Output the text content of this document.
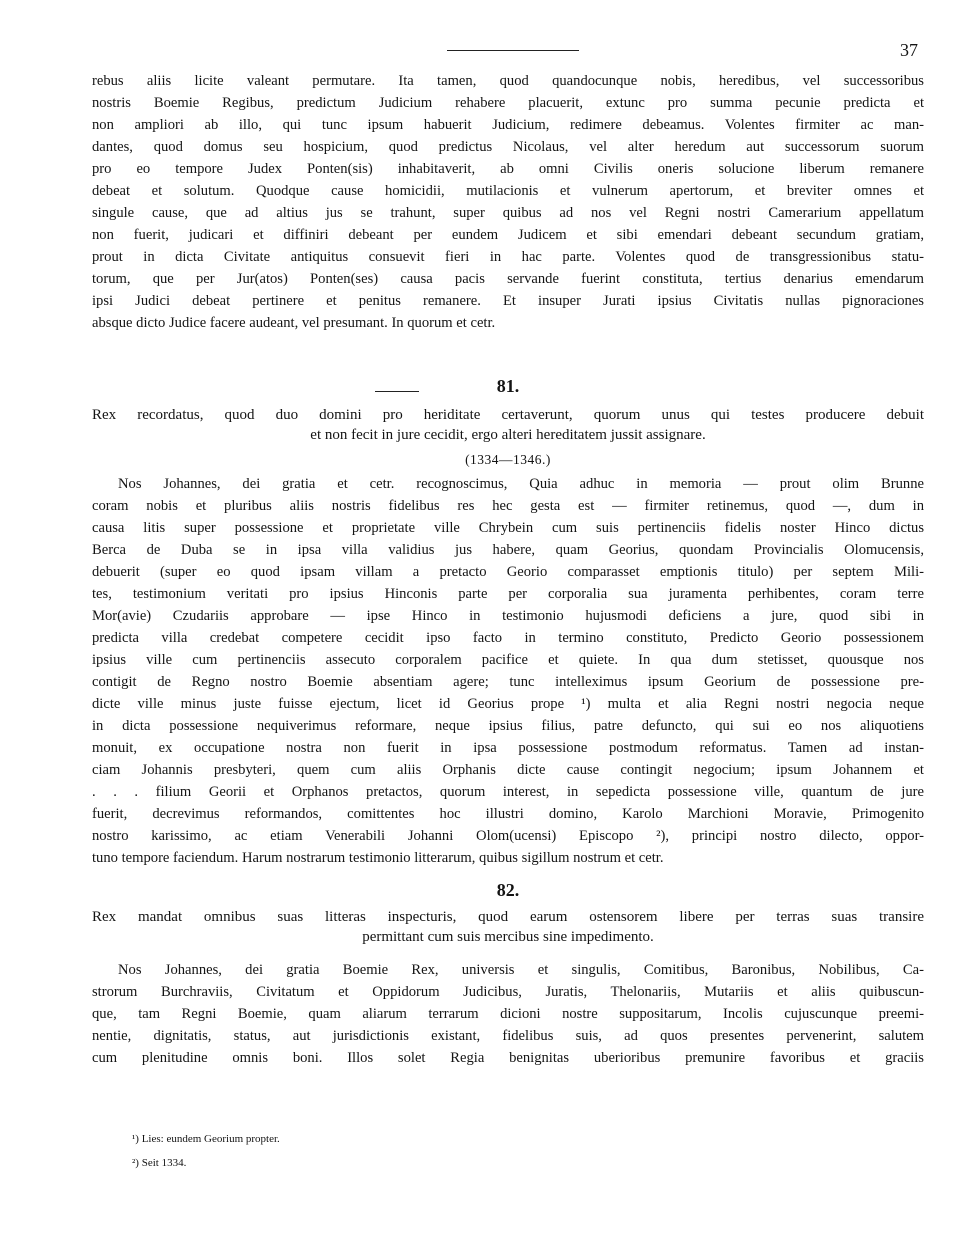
37
rebus aliis licite valeant permutare. Ita tamen, quod quandocunque nobis, heredibus, vel successoribus
nostris Boemie Regibus, predictum Judicium rehabere placuerit, extunc pro summa pecunie predicta et
non ampliori ab illo, qui tunc ipsum habuerit Judicium, redimere debeamus. Volentes firmiter ac man-
dantes, quod domus seu hospicium, quod predictus Nicolaus, vel alter heredum aut successorum suorum
pro eo tempore Judex Ponten(sis) inhabitaverit, ab omni Civilis oneris solucione liberum remanere
debeat et solutum. Quodque cause homicidii, mutilacionis et vulnerum apertorum, et breviter omnes et
singule cause, que ad altius jus se trahunt, super quibus ad nos vel Regni nostri Camerarium appellatum
non fuerit, judicari et diffiniri debeant per eundem Judicem et sibi emendari debeant secundum gratiam,
prout in dicta Civitate antiquitus consuevit fieri in hac parte. Volentes quod de transgressionibus statu-
torum, que per Jur(atos) Ponten(ses) causa pacis servande fuerint constituta, tertius denarius emendarum
ipsi Judici debeat pertinere et penitus remanere. Et insuper Jurati ipsius Civitatis nullas pignoraciones
absque dicto Judice facere audeant, vel presumant. In quorum et cetr.
81.
Rex recordatus, quod duo domini pro heriditate certaverunt, quorum unus qui testes producere debuit
et non fecit in jure cecidit, ergo alteri hereditatem jussit assignare.
(1334—1346.)
Nos Johannes, dei gratia et cetr. recognoscimus, Quia adhuc in memoria — prout olim Brunne
coram nobis et pluribus aliis nostris fidelibus res hec gesta est — firmiter retinemus, quod —, dum in
causa litis super possessione et proprietate ville Chrybein cum suis pertinenciis fidelis noster Hinco dictus
Berca de Duba se in ipsa villa validius jus habere, quam Georius, quondam Provincialis Olomucensis,
debuerit (super eo quod ipsam villam a pretacto Georio comparasset emptionis titulo) per septem Mili-
tes, testimonium veritati pro ipsius Hinconis parte per corporalia sua juramenta perhibentes, coram terre
Mor(avie) Czudariis approbare — ipse Hinco in testimonio hujusmodi deficiens a jure, quod sibi in
predicta villa credebat competere cecidit ipso facto in termino constituto, Predicto Georio possessionem
ipsius ville cum pertinenciis assecuto corporalem pacifice et quiete. In qua dum stetisset, quousque nos
contigit de Regno nostro Boemie absentiam agere; tunc intelleximus ipsum Georium de possessione pre-
dicte ville minus juste fuisse ejectum, licet id Georius prope ¹) multa et alia Regni nostri negocia neque
in dicta possessione nequiverimus reformare, neque ipsius filius, patre defuncto, qui sui eo nos aliquotiens
monuit, ex occupatione nostra non fuerit in ipsa possessione postmodum reformatus. Tamen ad instan-
ciam Johannis presbyteri, quem cum aliis Orphanis dicte cause contingit negocium; ipsum Johannem et
. . . filium Georii et Orphanos pretactos, quorum interest, in sepedicta possessione ville, quantum de jure
fuerit, decrevimus reformandos, comittentes hoc illustri domino, Karolo Marchioni Moravie, Primogenito
nostro karissimo, ac etiam Venerabili Johanni Olom(ucensi) Episcopo ²), principi nostro dilecto, oppor-
tuno tempore faciendum. Harum nostrarum testimonio litterarum, quibus sigillum nostrum et cetr.
82.
Rex mandat omnibus suas litteras inspecturis, quod earum ostensorem libere per terras suas transire
permittant cum suis mercibus sine impedimento.
Nos Johannes, dei gratia Boemie Rex, universis et singulis, Comitibus, Baronibus, Nobilibus, Ca-
strorum Burchraviis, Civitatum et Oppidorum Judicibus, Juratis, Thelonariis, Mutariis et aliis quibuscun-
que, tam Regni Boemie, quam aliarum terrarum dicioni nostre suppositarum, Incolis cujuscunque preemi-
nentie, dignitatis, status, aut jurisdictionis existant, fidelibus suis, ad quos presentes pervenerint, salutem
cum plenitudine omnis boni. Illos solet Regia benignitas uberioribus premunire favoribus et graciis
¹) Lies: eundem Georium propter.
²) Seit 1334.
